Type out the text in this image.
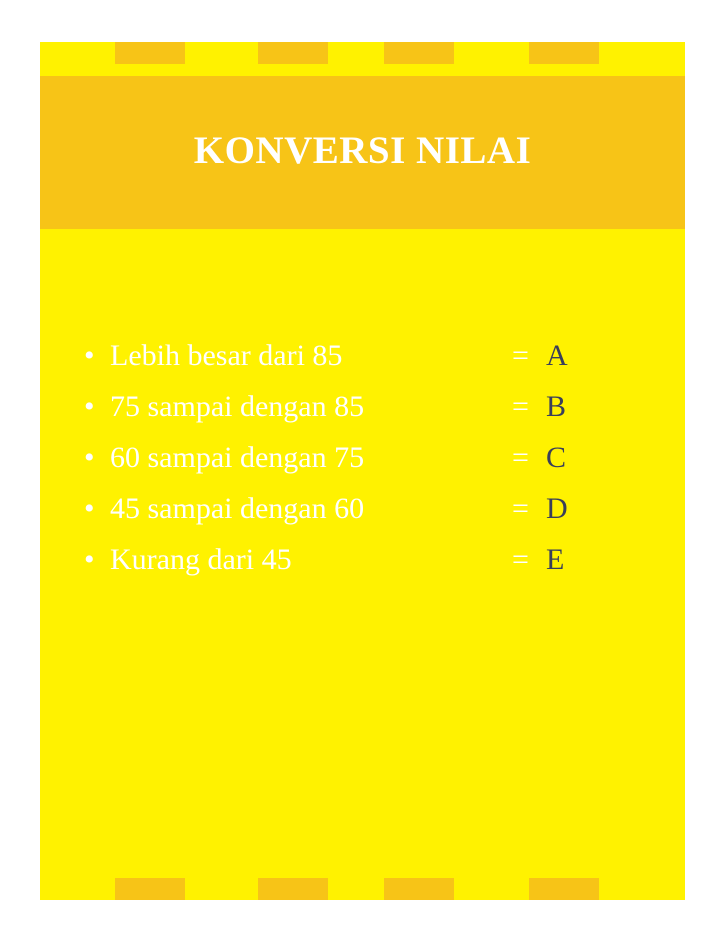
KONVERSI NILAI
• Lebih besar dari 85	= A
• 75 sampai dengan 85	= B
• 60 sampai dengan 75	= C
• 45 sampai dengan 60	= D
• Kurang dari 45	= E
